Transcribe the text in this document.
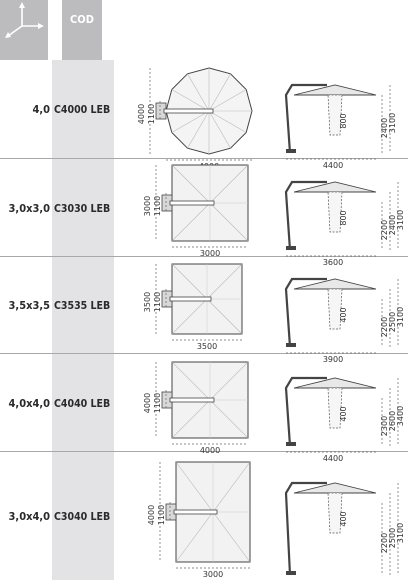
COD
4,0 C4000 LEB
3,0x3,0 C3030 LEB
3,5x3,5 C3535 LEB
4,0x4,0 C4040 LEB
3,0x4,0 C3040 LEB
4000 1100
2400 3100
800
4400
3000 1100
3000
2200 2400 3100
800
3600
3500 1100
3500
2200 2500 3100
400
3900
4000 1100
4000
2300 2600 3400
400
4400
4000 1100
3000
2200 2500 3100
400
